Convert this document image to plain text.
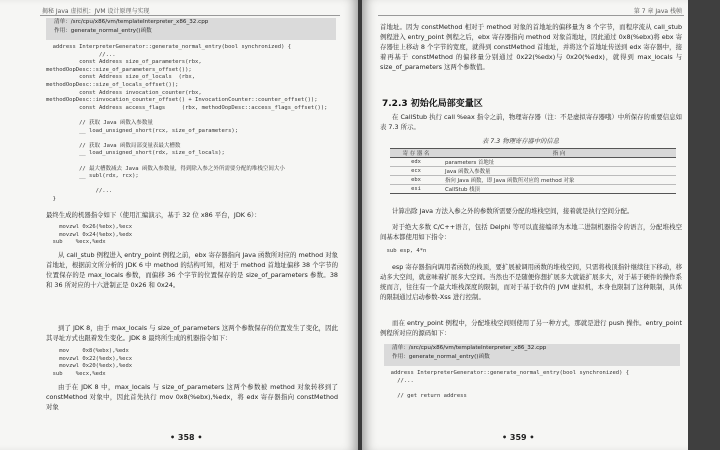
揭秘 Java 虚拟机：JVM 设计原理与实现
清单：/src/cpu/x86/vm/templateInterpreter_x86_32.cpp
作用：generate_normal_entry()函数
address InterpreterGenerator::generate_normal_entry(bool synchronized) {
//...
const Address size_of_parameters(rbx,
methodOopDesc::size_of_parameters_offset());
const Address size_of_locals  (rbx,
methodOopDesc::size_of_locals_offset());
const Address invocation_counter(rbx,
methodOopDesc::invocation_counter_offset() + InvocationCounter::counter_offset());
const Address access_flags     (rbx, methodOopDesc::access_flags_offset());

// 获取 Java 函数入参数量
__ load_unsigned_short(rcx, size_of_parameters);

// 获取 Java 函数局部变量表最大槽数
__ load_unsigned_short(rdx, size_of_locals);

// 最大槽数减去 Java 函数入参数量，得到除入参之外所需要分配的堆栈空间大小
__ subl(rdx, rcx);

//...
}
最终生成的机器指令如下（使用汇编演示，基于 32 位 x86 平台，JDK 6）：
movzwl 0x26(%ebx),%ecx
movzwl 0x24(%ebx),%edx
sub    %ecx,%edx
从 call_stub 例程进入 entry_point 例程之前，ebx 寄存器指向 Java 函数所对应的 method 对象首地址，根据前文所分析的 JDK 6 中 method 的结构可知，相对于 method 首地址偏移 38 个字节的位置保存的是 max_locals 参数，而偏移 36 个字节的位置保存的是 size_of_parameters 参数。38 和 36 所对应的十六进制正是 0x26 和 0x24。
到了 JDK 8，由于 max_locals 与 size_of_parameters 这两个参数保存的位置发生了变化，因此其寻址方式也跟着发生变化。JDK 8 最终所生成的机器指令如下：
mov    0x8(%ebx),%edx
movzwl 0x22(%edx),%ecx
movzwl 0x20(%edx),%edx
sub    %ecx,%edx
由于在 JDK 8 中，max_locals 与 size_of_parameters 这两个参数被 method 对象转移到了 constMethod 对象中，因此首先执行 mov 0x8(%ebx),%edx，将 edx 寄存器指向 constMethod 对象
• 358 •
第 7 章 Java 栈帧
首地址。因为 constMethod 相对于 method 对象的首地址的偏移量为 8 个字节，而程序流从 call_stub 例程进入 entry_point 例程之后，ebx 寄存器指向 method 对象首地址，因此通过 0x8(%ebx)将 ebx 寄存器往上移动 8 个字节的宽度，就得到 constMethod 首地址，并将这个首地址传送到 edx 寄存器中，接着再基于 constMethod 的偏移量分别通过 0x22(%edx)与 0x20(%edx)，就得到 max_locals 与 size_of_parameters 这两个参数值。
7.2.3 初始化局部变量区
在 CallStub 执行 call %eax 指令之前，物理寄存器（注：不是虚拟寄存器哦）中所保存的重要信息如表 7.3 所示。
表 7.3 物理寄存器中的信息
寄 存 器 名	指 向
edx	parameters 首地址
ecx	Java 函数入参数量
ebx	指向 Java 函数，即 Java 函数所对应的 method 对象
esi	CallStub 栈顶
计算出除 Java 方法入参之外的参数所需要分配的堆栈空间，接着就是执行空间分配。
对于绝大多数 C/C++语言，包括 Delphi 等可以直接编译为本地二进制机器指令的语言，分配堆栈空间基本都使用如下指令：
sub esp, 4*n
esp 寄存器指向调用者函数的栈顶，要扩展被调用函数的堆栈空间，只需将栈顶指针继续往下移动，移动多大空间，就意味着扩展多大空间。当然也不是随便你想扩展多大就能扩展多大，对于基于硬件的操作系统而言，往往有一个最大堆栈深度的限制，而对于基于软件的 JVM 虚拟机，本身也限制了这种限制，具体的限制通过启动参数-Xss 进行控制。
而在 entry_point 例程中，分配堆栈空间则使用了另一种方式，那就是进行 push 操作。entry_point 例程所对应的源码如下：
清单：/src/cpu/x86/vm/templateInterpreter_x86_32.cpp
作用：generate_normal_entry()函数
address InterpreterGenerator::generate_normal_entry(bool synchronized) {
//...

// get return address
• 359 •
